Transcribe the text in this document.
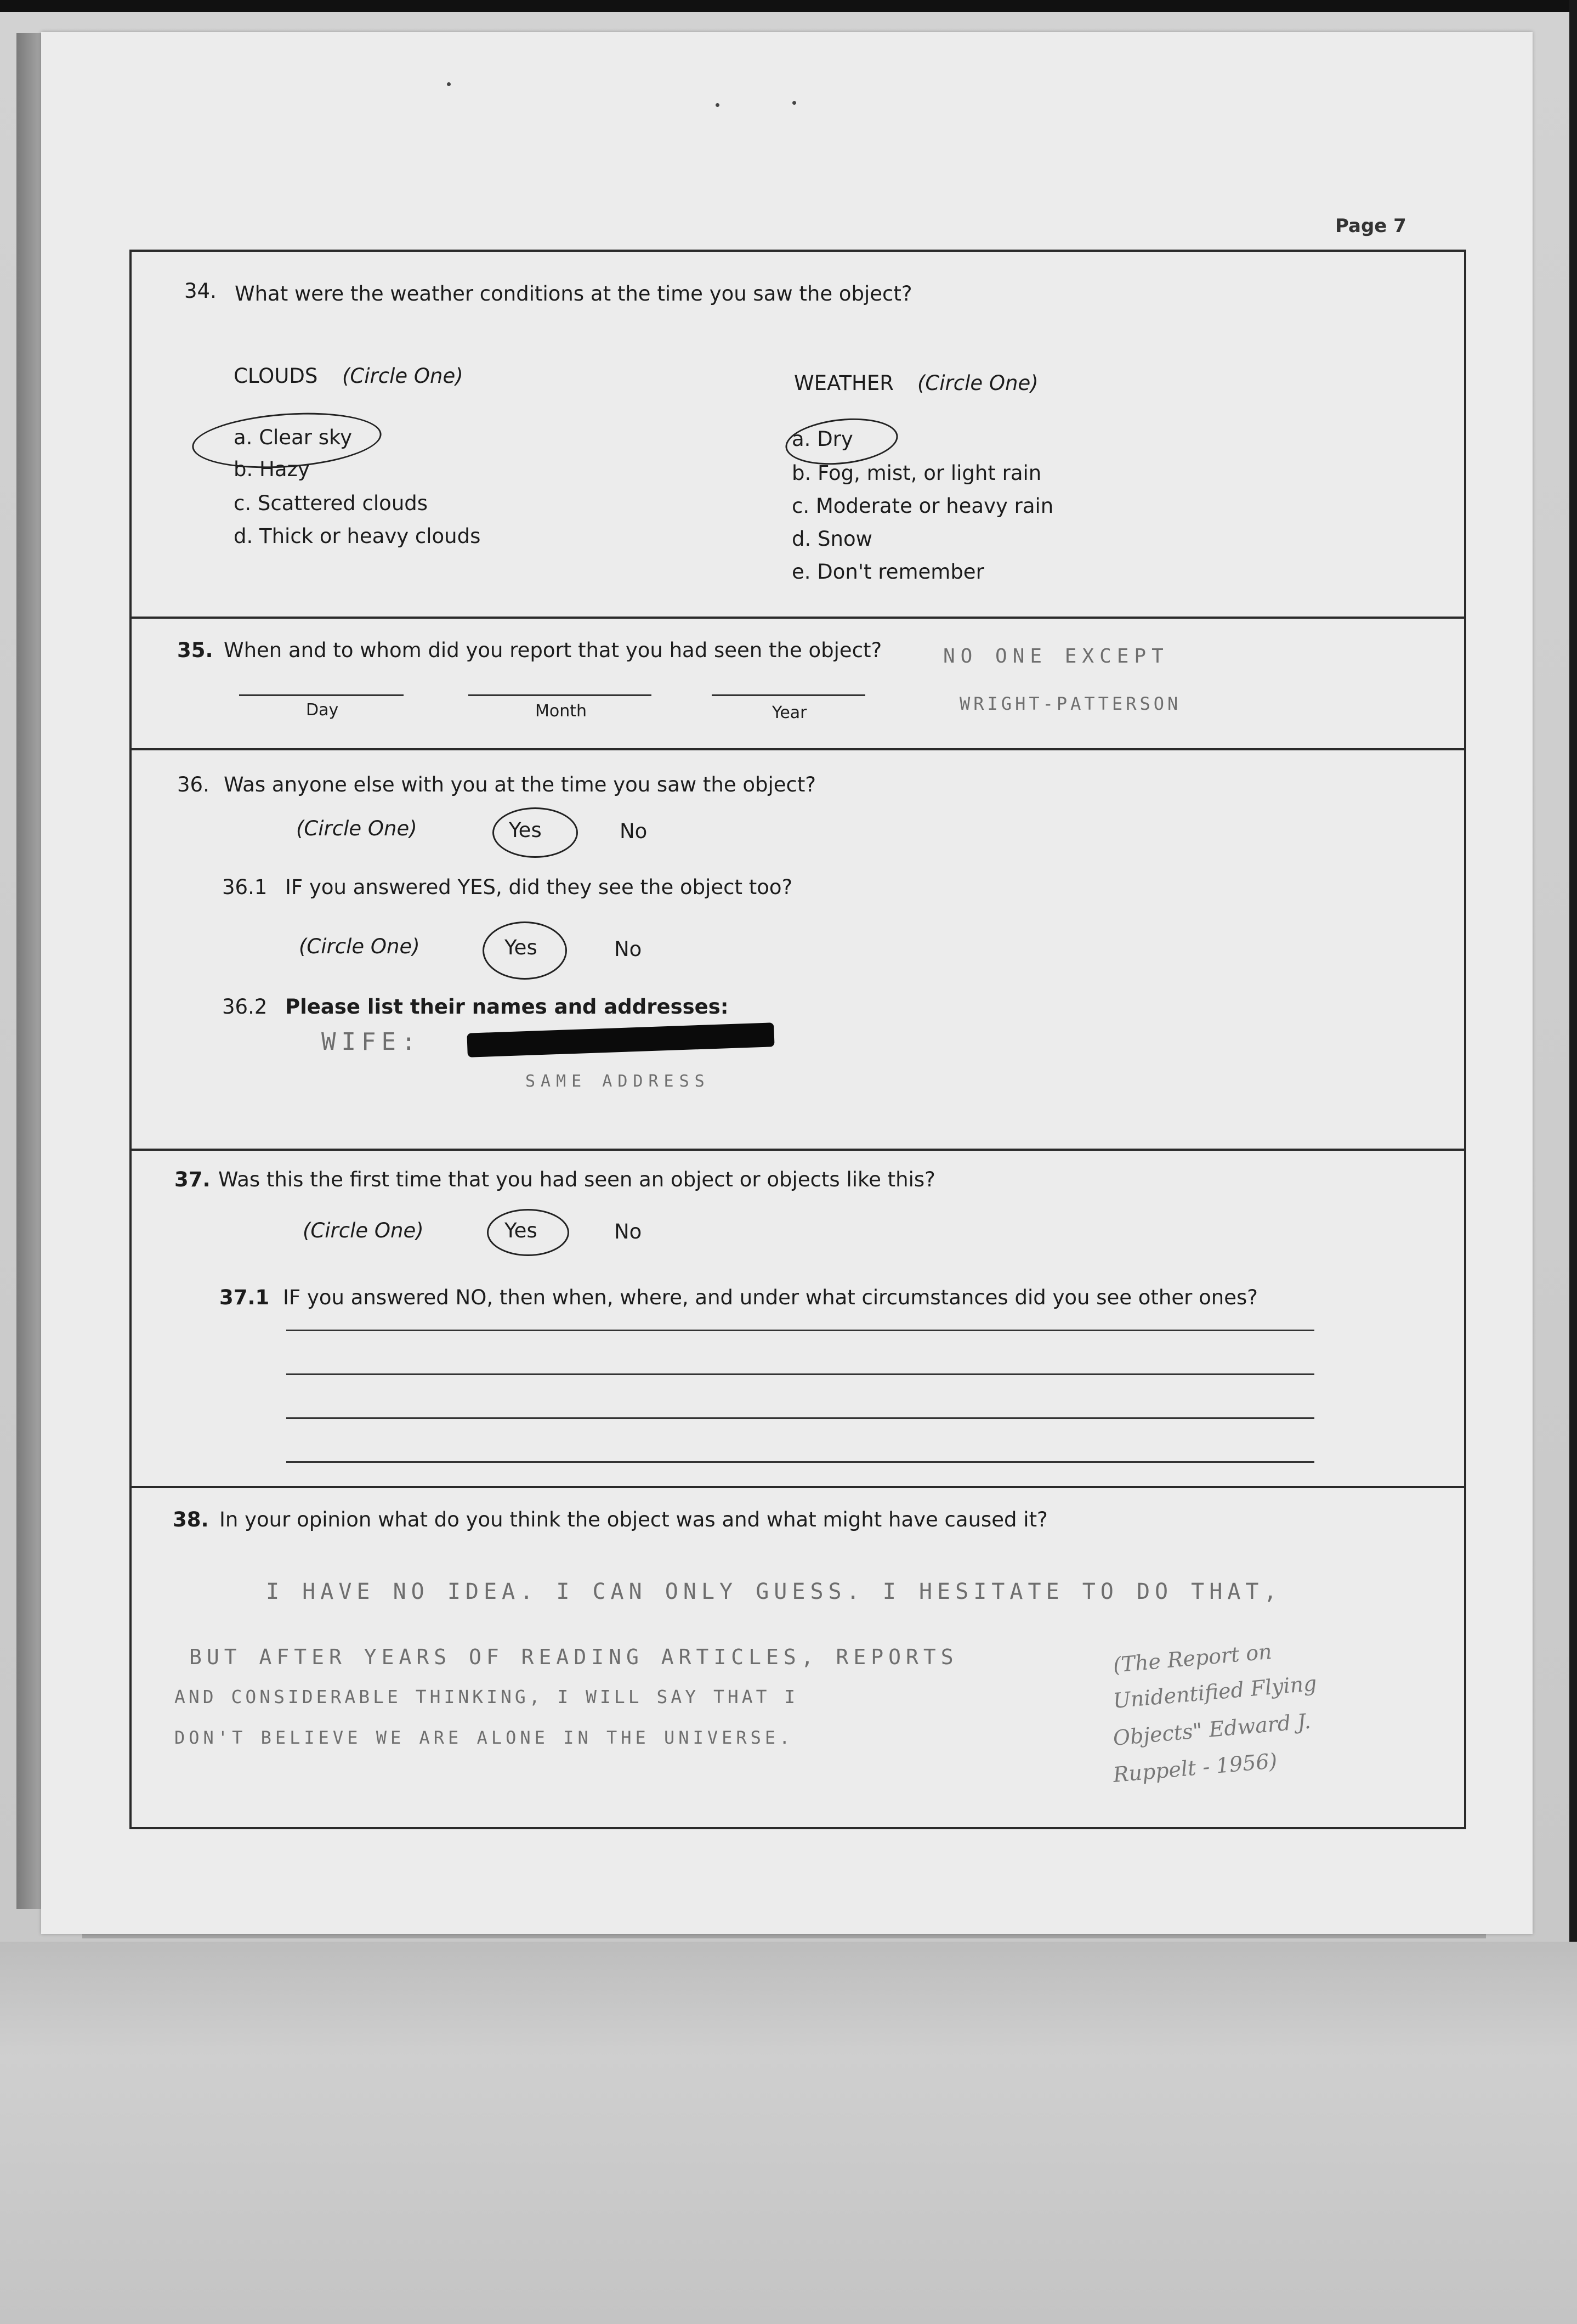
Page 7
34. What were the weather conditions at the time you saw the object?
CLOUDS (Circle One)
a. Clear sky
b. Hazy
c. Scattered clouds
d. Thick or heavy clouds
WEATHER (Circle One)
a. Dry
b. Fog, mist, or light rain
c. Moderate or heavy rain
d. Snow
e. Don't remember
35. When and to whom did you report that you had seen the object?
Day	Month	Year
NO ONE EXCEPT
WRIGHT-PATTERSON
36. Was anyone else with you at the time you saw the object?
(Circle One)	Yes	No
36.1 IF you answered YES, did they see the object too?
(Circle One)	Yes	No
36.2 Please list their names and addresses:
WIFE:
SAME ADDRESS
37. Was this the first time that you had seen an object or objects like this?
(Circle One)	Yes	No
37.1 IF you answered NO, then when, where, and under what circumstances did you see other ones?
38. In your opinion what do you think the object was and what might have caused it?
I HAVE NO IDEA. I CAN ONLY GUESS. I HESITATE TO DO THAT,
BUT AFTER YEARS OF READING ARTICLES, REPORTS
AND CONSIDERABLE THINKING, I WILL SAY THAT I
DON'T BELIEVE WE ARE ALONE IN THE UNIVERSE.
(The Report on
Unidentified Flying
Objects" Edward J.
Ruppelt - 1956)
